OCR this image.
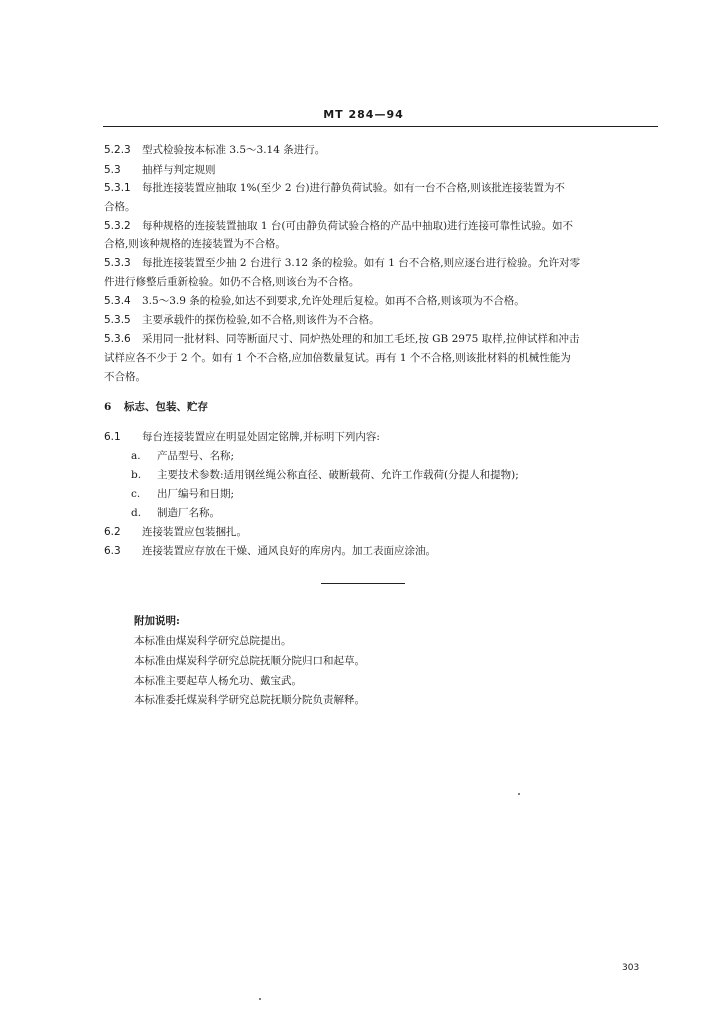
MT 284—94
5.2.3 型式检验按本标准 3.5～3.14 条进行。
5.3 抽样与判定规则
5.3.1 每批连接装置应抽取 1%(至少 2 台)进行静负荷试验。如有一台不合格,则该批连接装置为不
合格。
5.3.2 每种规格的连接装置抽取 1 台(可由静负荷试验合格的产品中抽取)进行连接可靠性试验。如不
合格,则该种规格的连接装置为不合格。
5.3.3 每批连接装置至少抽 2 台进行 3.12 条的检验。如有 1 台不合格,则应逐台进行检验。允许对零
件进行修整后重新检验。如仍不合格,则该台为不合格。
5.3.4 3.5～3.9 条的检验,如达不到要求,允许处理后复检。如再不合格,则该项为不合格。
5.3.5 主要承载件的探伤检验,如不合格,则该件为不合格。
5.3.6 采用同一批材料、同等断面尺寸、同炉热处理的和加工毛坯,按 GB 2975 取样,拉伸试样和冲击
试样应各不少于 2 个。如有 1 个不合格,应加倍数量复试。再有 1 个不合格,则该批材料的机械性能为
不合格。
6 标志、包装、贮存
6.1 每台连接装置应在明显处固定铭牌,并标明下列内容:
a. 产品型号、名称;
b. 主要技术参数:适用钢丝绳公称直径、破断载荷、允许工作载荷(分提人和提物);
c. 出厂编号和日期;
d. 制造厂名称。
6.2 连接装置应包装捆扎。
6.3 连接装置应存放在干燥、通风良好的库房内。加工表面应涂油。
附加说明:
本标准由煤炭科学研究总院提出。
本标准由煤炭科学研究总院抚顺分院归口和起草。
本标准主要起草人杨允功、戴宝武。
本标准委托煤炭科学研究总院抚顺分院负责解释。
303
